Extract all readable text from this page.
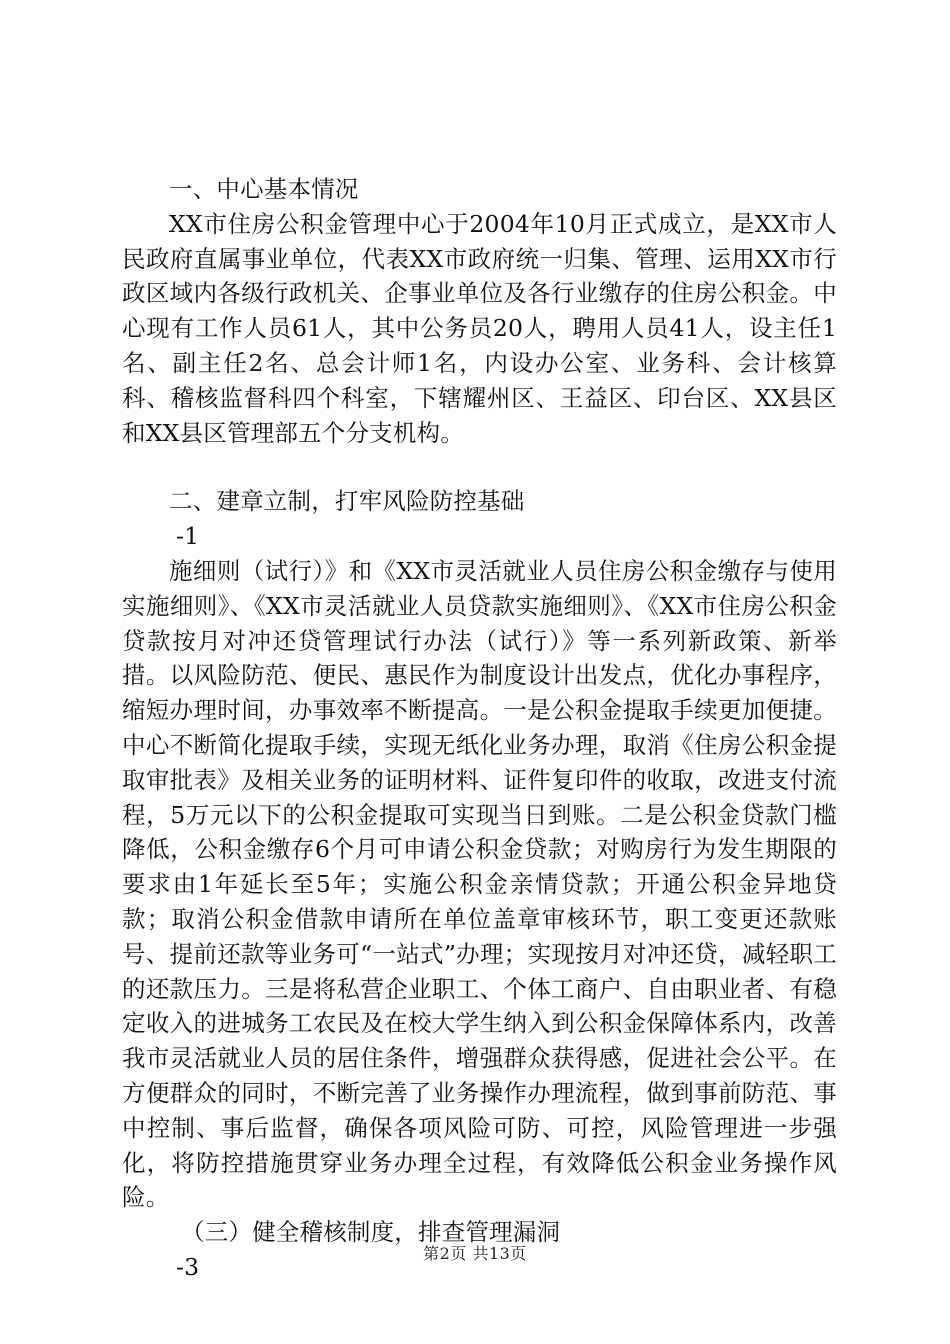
一、中心基本情况
XX市住房公积金管理中心于2004年10月正式成立，是XX市人民政府直属事业单位，代表XX市政府统一归集、管理、运用XX市行政区域内各级行政机关、企事业单位及各行业缴存的住房公积金。中心现有工作人员61人，其中公务员20人，聘用人员41人，设主任1名、副主任2名、总会计师1名，内设办公室、业务科、会计核算科、稽核监督科四个科室，下辖耀州区、王益区、印台区、XX县区和XX县区管理部五个分支机构。
二、建章立制，打牢风险防控基础
-1
施细则（试行）》和《XX市灵活就业人员住房公积金缴存与使用实施细则》、《XX市灵活就业人员贷款实施细则》、《XX市住房公积金贷款按月对冲还贷管理试行办法（试行）》等一系列新政策、新举措。以风险防范、便民、惠民作为制度设计出发点，优化办事程序，缩短办理时间，办事效率不断提高。一是公积金提取手续更加便捷。中心不断简化提取手续，实现无纸化业务办理，取消《住房公积金提取审批表》及相关业务的证明材料、证件复印件的收取，改进支付流程，5万元以下的公积金提取可实现当日到账。二是公积金贷款门槛降低，公积金缴存6个月可申请公积金贷款；对购房行为发生期限的要求由1年延长至5年；实施公积金亲情贷款；开通公积金异地贷款；取消公积金借款申请所在单位盖章审核环节，职工变更还款账号、提前还款等业务可“一站式”办理；实现按月对冲还贷，减轻职工的还款压力。三是将私营企业职工、个体工商户、自由职业者、有稳定收入的进城务工农民及在校大学生纳入到公积金保障体系内，改善我市灵活就业人员的居住条件，增强群众获得感，促进社会公平。在方便群众的同时，不断完善了业务操作办理流程，做到事前防范、事中控制、事后监督，确保各项风险可防、可控，风险管理进一步强化，将防控措施贯穿业务办理全过程，有效降低公积金业务操作风险。
（三）健全稽核制度，排查管理漏洞
-3	第2页 共13页
